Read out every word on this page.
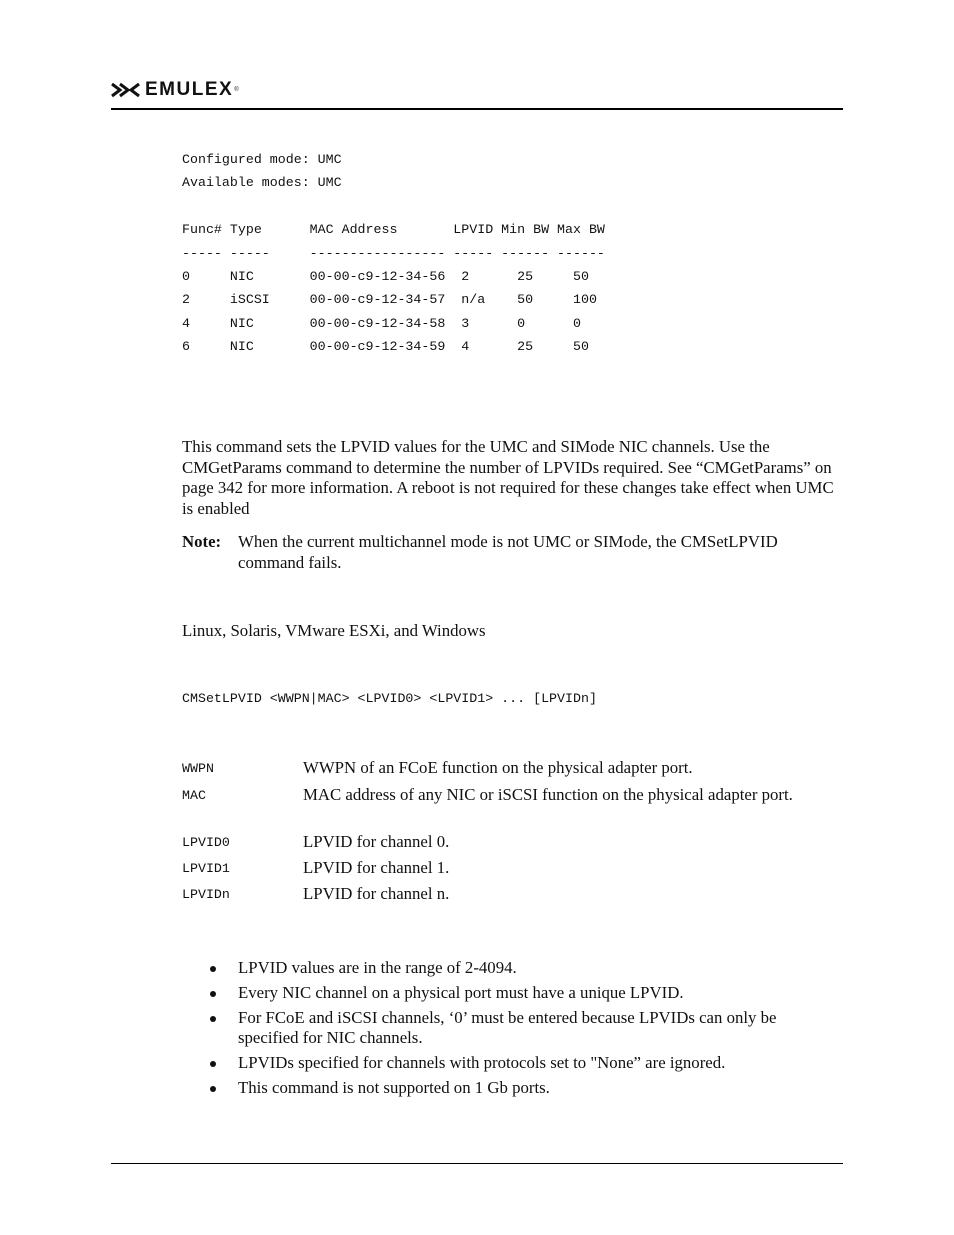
EMULEX ®
Configured mode: UMC
Available modes: UMC

Func# Type      MAC Address       LPVID Min BW Max BW
----- -----     ----------------- ----- ------ ------
0     NIC       00-00-c9-12-34-56  2      25     50
2     iSCSI     00-00-c9-12-34-57  n/a    50     100
4     NIC       00-00-c9-12-34-58  3      0      0
6     NIC       00-00-c9-12-34-59  4      25     50
This command sets the LPVID values for the UMC and SIMode NIC channels. Use the CMGetParams command to determine the number of LPVIDs required. See “CMGetParams” on page 342 for more information. A reboot is not required for these changes take effect when UMC is enabled
Note: When the current multichannel mode is not UMC or SIMode, the CMSetLPVID command fails.
Linux, Solaris, VMware ESXi, and Windows
CMSetLPVID <WWPN|MAC> <LPVID0> <LPVID1> ... [LPVIDn]
WWPN	WWPN of an FCoE function on the physical adapter port.
MAC	MAC address of any NIC or iSCSI function on the physical adapter port.
LPVID0	LPVID for channel 0.
LPVID1	LPVID for channel 1.
LPVIDn	LPVID for channel n.
LPVID values are in the range of 2-4094.
Every NIC channel on a physical port must have a unique LPVID.
For FCoE and iSCSI channels, ‘0’ must be entered because LPVIDs can only be specified for NIC channels.
LPVIDs specified for channels with protocols set to "None” are ignored.
This command is not supported on 1 Gb ports.
